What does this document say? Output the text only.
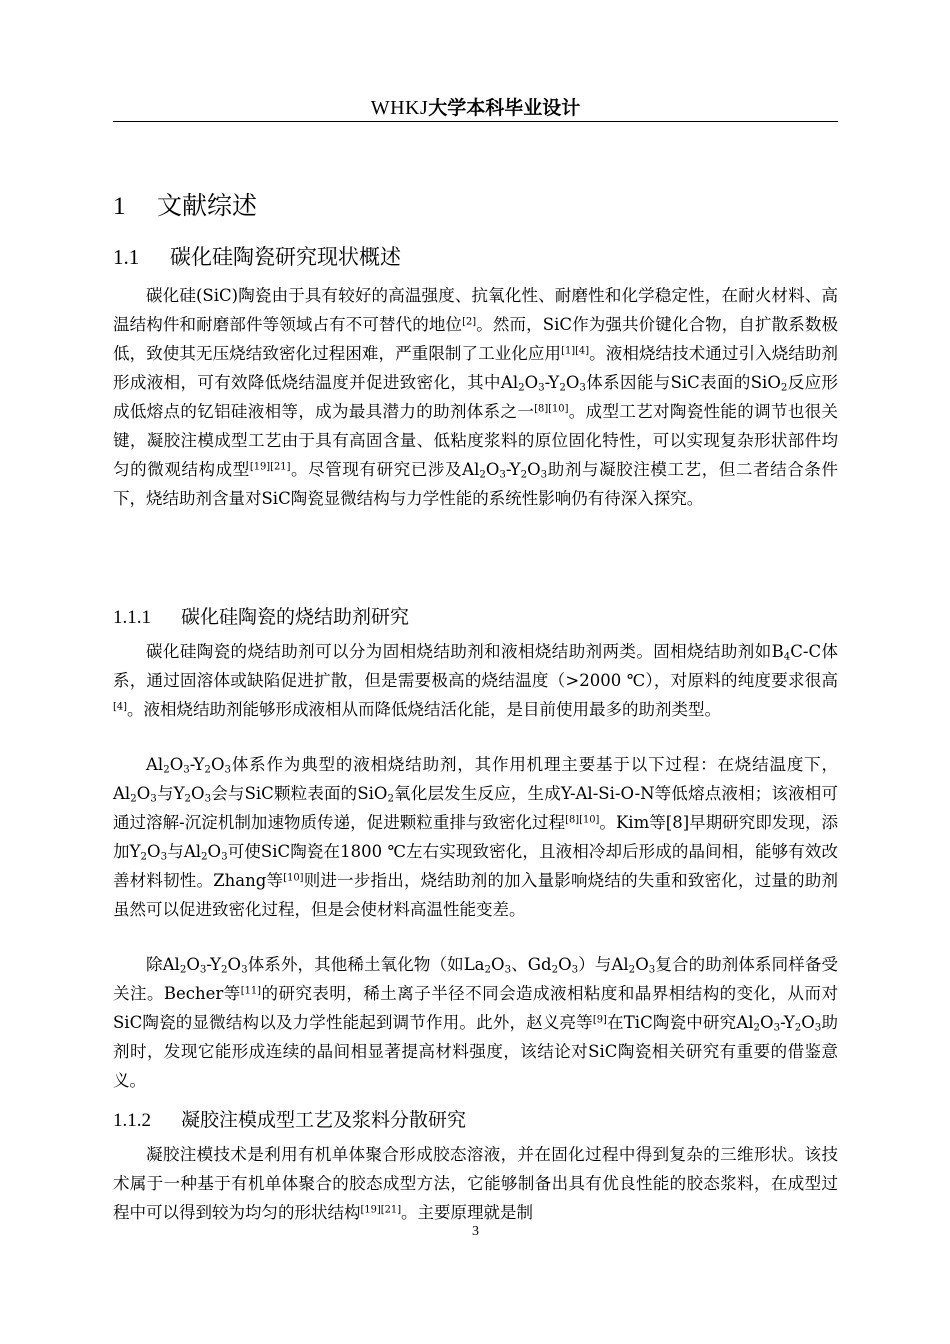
WHKJ大学本科毕业设计
1 文献综述
1.1 碳化硅陶瓷研究现状概述

碳化硅(SiC)陶瓷由于具有较好的高温强度、抗氧化性、耐磨性和化学稳定性，在耐火材料、高温结构件和耐磨部件等领域占有不可替代的地位[2]。然而，SiC作为强共价键化合物，自扩散系数极低，致使其无压烧结致密化过程困难，严重限制了工业化应用[1][4]。液相烧结技术通过引入烧结助剂形成液相，可有效降低烧结温度并促进致密化，其中$Al_2O_3-Y_2O_3$体系因能与SiC表面的SiO$_2$反应形成低熔点的钇铝硅液相等，成为最具潜力的助剂体系之一[8][10]。成型工艺对陶瓷性能的调节也很关键，凝胶注模成型工艺由于具有高固含量、低粘度浆料的原位固化特性，可以实现复杂形状部件均匀的微观结构成型[19][21]。尽管现有研究已涉及$Al_2O_3-Y_2O_3$助剂与凝胶注模工艺，但二者结合条件下，烧结助剂含量对SiC陶瓷显微结构与力学性能的系统性影响仍有待深入探究。

1.1.1 碳化硅陶瓷的烧结助剂研究

碳化硅陶瓷的烧结助剂可以分为固相烧结助剂和液相烧结助剂两类。固相烧结助剂如$B_4C-C$体系，通过固溶体或缺陷促进扩散，但是需要极高的烧结温度（>2000 ℃），对原料的纯度要求很高[4]。液相烧结助剂能够形成液相从而降低烧结活化能，是目前使用最多的助剂类型。

$Al_2O_3-Y_2O_3$体系作为典型的液相烧结助剂，其作用机理主要基于以下过程：在烧结温度下，$Al_2O_3$与$Y_2O_3$会与SiC颗粒表面的SiO$_2$氧化层发生反应，生成Y-Al-Si-O-N等低熔点液相；该液相可通过溶解-沉淀机制加速物质传递，促进颗粒重排与致密化过程[8][10]。Kim等[8]早期研究即发现，添加$Y_2O_3$与$Al_2O_3$可使SiC陶瓷在1800 ℃左右实现致密化，且液相冷却后形成的晶间相，能够有效改善材料韧性。Zhang等[10]则进一步指出，烧结助剂的加入量影响烧结的失重和致密化，过量的助剂虽然可以促进致密化过程，但是会使材料高温性能变差。

除$Al_2O_3-Y_2O_3$体系外，其他稀土氧化物（如$La_2O_3$、$Gd_2O_3$）与$Al_2O_3$复合的助剂体系同样备受关注。Becher等[11]的研究表明，稀土离子半径不同会造成液相粘度和晶界相结构的变化，从而对SiC陶瓷的显微结构以及力学性能起到调节作用。此外，赵义亮等[9]在TiC陶瓷中研究$Al_2O_3-Y_2O_3$助剂时，发现它能形成连续的晶间相显著提高材料强度，该结论对SiC陶瓷相关研究有重要的借鉴意义。

1.1.2 凝胶注模成型工艺及浆料分散研究

凝胶注模技术是利用有机单体聚合形成胶态溶液，并在固化过程中得到复杂的三维形状。该技术属于一种基于有机单体聚合的胶态成型方法，它能够制备出具有优良性能的胶态浆料，在成型过程中可以得到较为均匀的形状结构[19][21]。主要原理就是制

3
